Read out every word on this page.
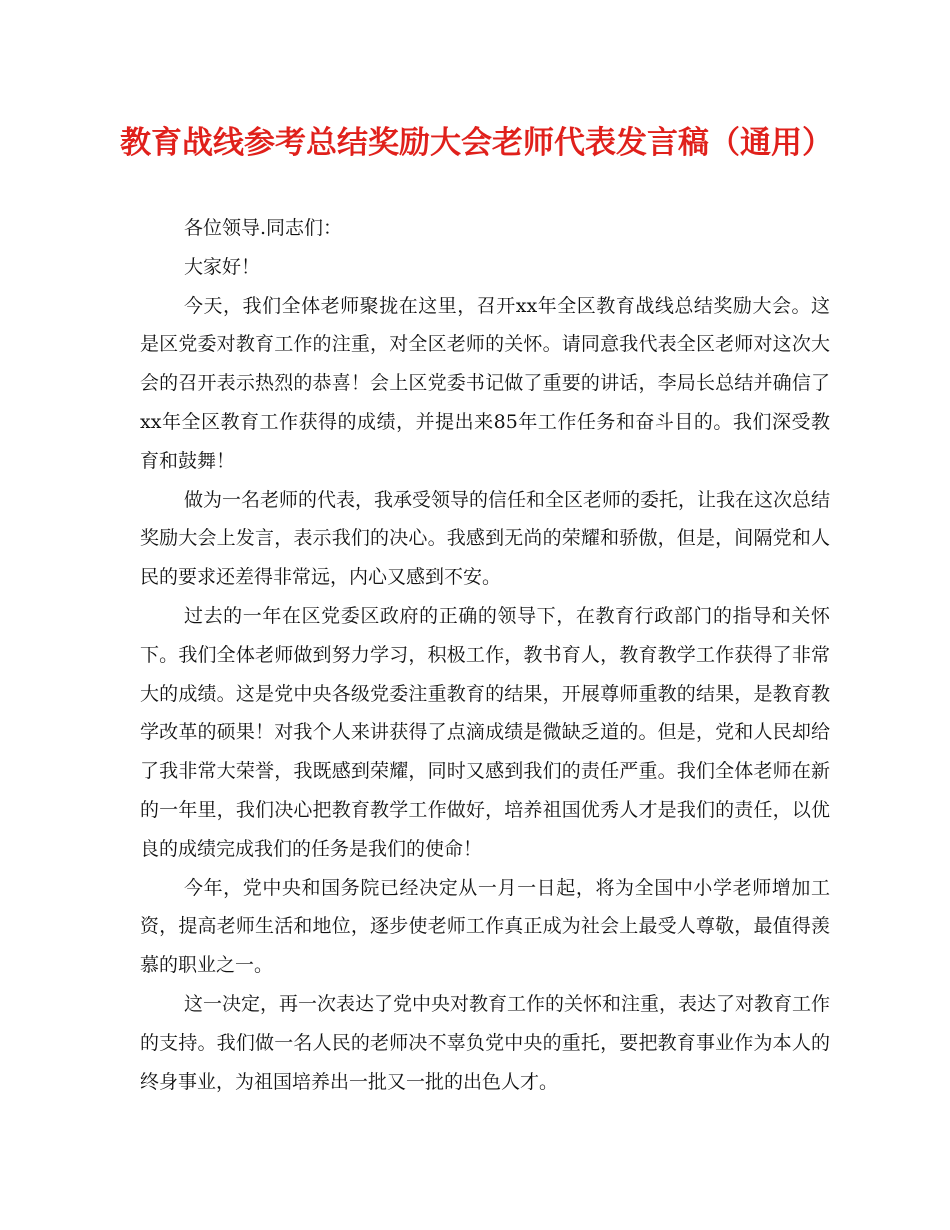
教育战线参考总结奖励大会老师代表发言稿（通用）

各位领导.同志们：

大家好！

今天，我们全体老师聚拢在这里，召开xx年全区教育战线总结奖励大会。这是区党委对教育工作的注重，对全区老师的关怀。请同意我代表全区老师对这次大会的召开表示热烈的恭喜！会上区党委书记做了重要的讲话，李局长总结并确信了xx年全区教育工作获得的成绩，并提出来85年工作任务和奋斗目的。我们深受教育和鼓舞！

做为一名老师的代表，我承受领导的信任和全区老师的委托，让我在这次总结奖励大会上发言，表示我们的决心。我感到无尚的荣耀和骄傲，但是，间隔党和人民的要求还差得非常远，内心又感到不安。

过去的一年在区党委区政府的正确的领导下，在教育行政部门的指导和关怀下。我们全体老师做到努力学习，积极工作，教书育人，教育教学工作获得了非常大的成绩。这是党中央各级党委注重教育的结果，开展尊师重教的结果，是教育教学改革的硕果！对我个人来讲获得了点滴成绩是微缺乏道的。但是，党和人民却给了我非常大荣誉，我既感到荣耀，同时又感到我们的责任严重。我们全体老师在新的一年里，我们决心把教育教学工作做好，培养祖国优秀人才是我们的责任，以优良的成绩完成我们的任务是我们的使命！

今年，党中央和国务院已经决定从一月一日起，将为全国中小学老师增加工资，提高老师生活和地位，逐步使老师工作真正成为社会上最受人尊敬，最值得羡慕的职业之一。

这一决定，再一次表达了党中央对教育工作的关怀和注重，表达了对教育工作的支持。我们做一名人民的老师决不辜负党中央的重托，要把教育事业作为本人的终身事业，为祖国培养出一批又一批的出色人才。
